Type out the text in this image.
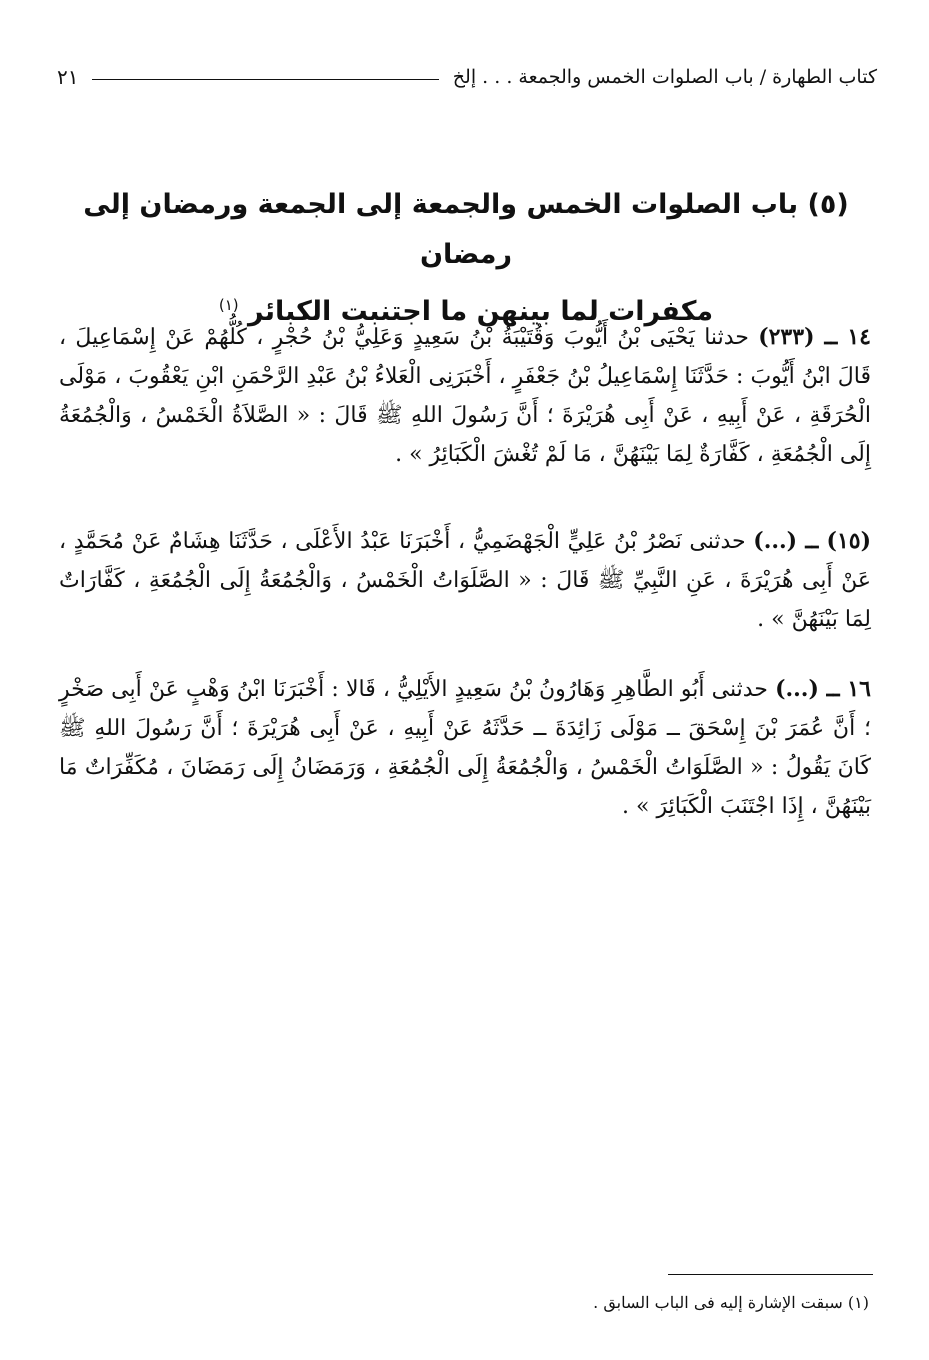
كتاب الطهارة / باب الصلوات الخمس والجمعة . . . إلخ
٢١
(٥) باب الصلوات الخمس والجمعة إلى الجمعة ورمضان إلى رمضان
مكفرات لما بينهن ما اجتنبت الكبائر $^{(١)}$

١٤ ــ (٢٣٣) حدثنا يَحْيَى بْنُ أَيُّوبَ وَقُتَيْبَةُ بْنُ سَعِيدٍ وَعَلِيُّ بْنُ حُجْرٍ ، كُلُّهُمْ عَنْ إِسْمَاعِيلَ ، قَالَ ابْنُ أَيُّوبَ : حَدَّثَنَا إِسْمَاعِيلُ بْنُ جَعْفَرٍ ، أَخْبَرَنِى الْعَلاءُ بْنُ عَبْدِ الرَّحْمَنِ ابْنِ يَعْقُوبَ ، مَوْلَى الْحُرَقَةِ ، عَنْ أَبِيهِ ، عَنْ أَبِى هُرَيْرَةَ ؛ أَنَّ رَسُولَ اللهِ ﷺ قَالَ : « الصَّلاَةُ الْخَمْسُ ، وَالْجُمُعَةُ إِلَى الْجُمُعَةِ ، كَفَّارَةٌ لِمَا بَيْنَهُنَّ ، مَا لَمْ تُغْشَ الْكَبَائِرُ » .

(١٥) ــ (...) حدثنى نَصْرُ بْنُ عَلِيٍّ الْجَهْضَمِيُّ ، أَخْبَرَنَا عَبْدُ الأَعْلَى ، حَدَّثَنَا هِشَامٌ عَنْ مُحَمَّدٍ ، عَنْ أَبِى هُرَيْرَةَ ، عَنِ النَّبِيِّ ﷺ قَالَ : « الصَّلَوَاتُ الْخَمْسُ ، وَالْجُمُعَةُ إِلَى الْجُمُعَةِ ، كَفَّارَاتٌ لِمَا بَيْنَهُنَّ » .

١٦ ــ (...) حدثنى أَبُو الطَّاهِرِ وَهَارُونُ بْنُ سَعِيدٍ الأَيْلِيُّ ، قَالا : أَخْبَرَنَا ابْنُ وَهْبٍ عَنْ أَبِى صَخْرٍ ؛ أَنَّ عُمَرَ بْنَ إِسْحَقَ ــ مَوْلَى زَائِدَةَ ــ حَدَّثَهُ عَنْ أَبِيهِ ، عَنْ أَبِى هُرَيْرَةَ ؛ أَنَّ رَسُولَ اللهِ ﷺ كَانَ يَقُولُ : « الصَّلَوَاتُ الْخَمْسُ ، وَالْجُمُعَةُ إِلَى الْجُمُعَةِ ، وَرَمَضَانُ إِلَى رَمَضَانَ ، مُكَفِّرَاتٌ مَا بَيْنَهُنَّ ، إِذَا اجْتَنَبَ الْكَبَائِرَ » .

(١) سبقت الإشارة إليه فى الباب السابق .
